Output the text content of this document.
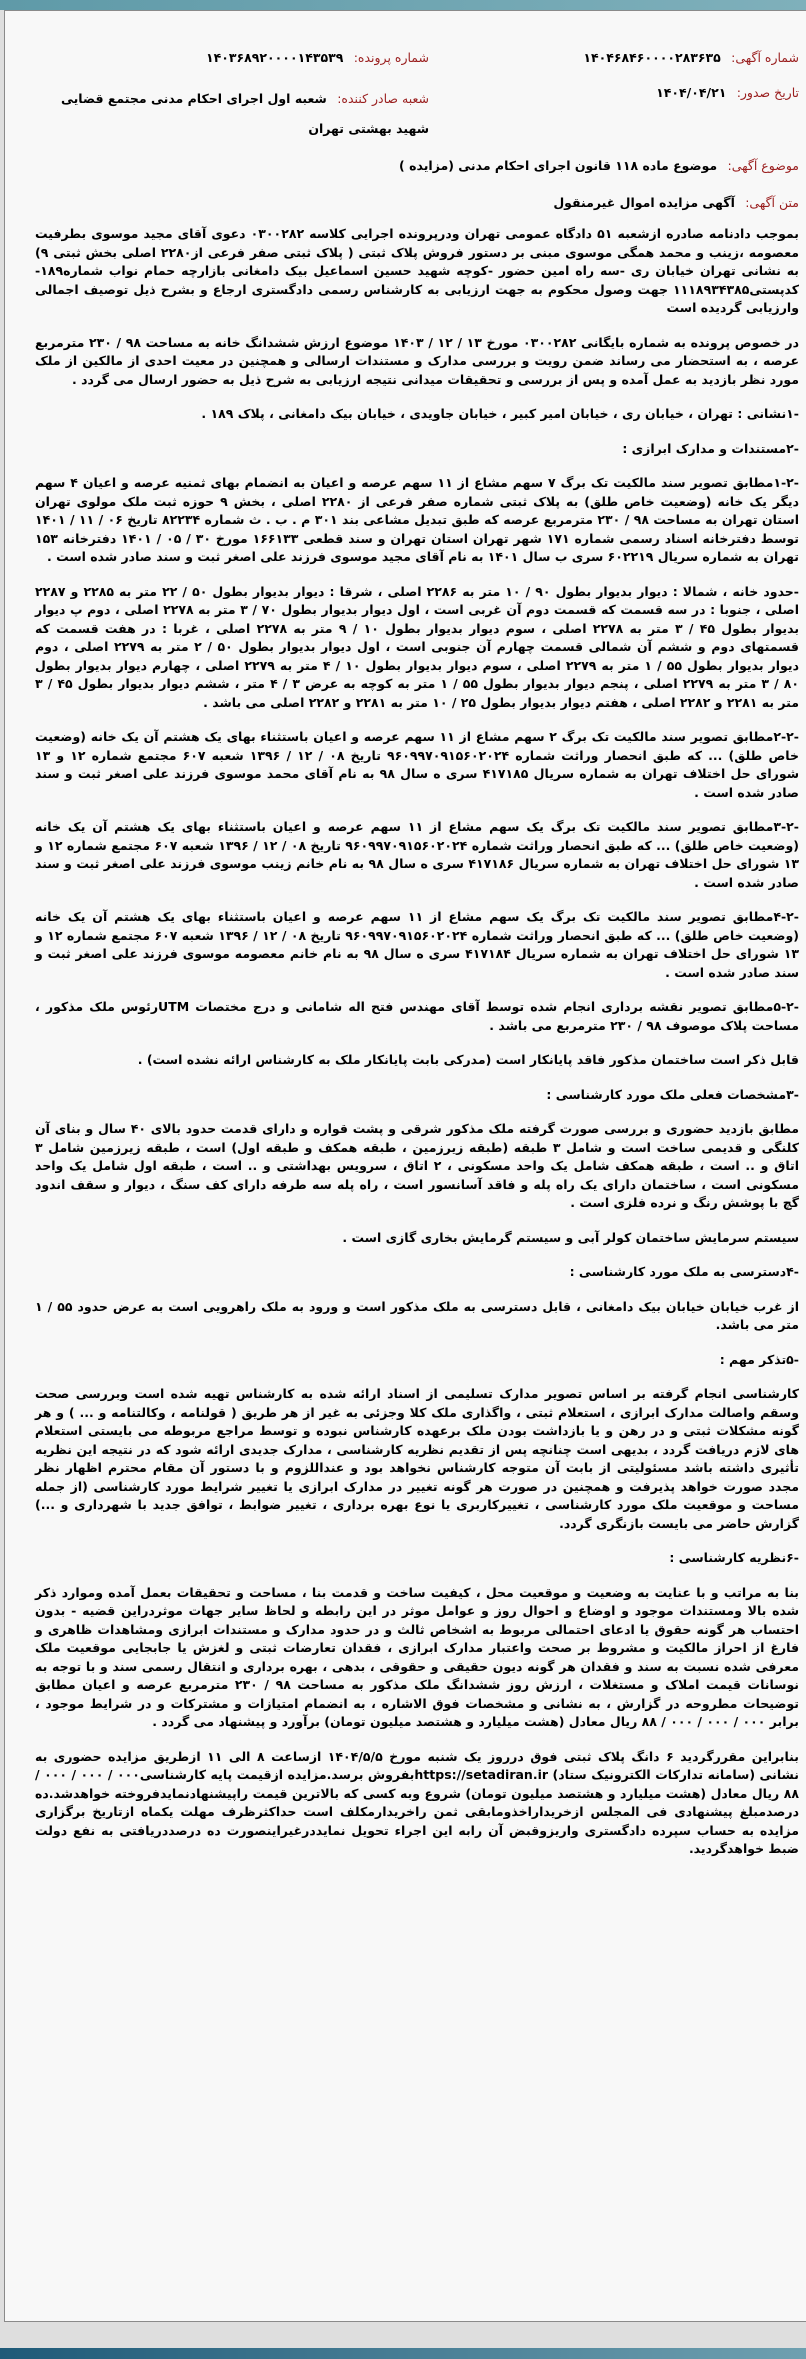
شماره آگهی: ۱۴۰۴۶۸۴۶۰۰۰۰۲۸۳۶۳۵
شماره پرونده: ۱۴۰۳۶۸۹۲۰۰۰۰۱۴۳۵۳۹
تاریخ صدور: ۱۴۰۴/۰۴/۲۱
شعبه صادر کننده: شعبه اول اجرای احکام مدنی مجتمع قضایی شهید بهشتی تهران
موضوع آگهی: موضوع ماده ۱۱۸ قانون اجرای احکام مدنی (مزایده )
متن آگهی: آگهی مزایده اموال غیرمنقول

بموجب دادنامه صادره ازشعبه ۵۱ دادگاه عمومی تهران ودرپرونده اجرایی کلاسه ۰۳۰۰۲۸۲ دعوی آقای مجید موسوی بطرفیت معصومه ،زینب و محمد همگی موسوی مبنی بر دستور فروش پلاک ثبتی ( پلاک ثبتی صفر فرعی از۲۲۸۰ اصلی بخش ثبتی ۹) به نشانی تهران خیابان ری -سه راه امین حضور -کوچه شهید حسین اسماعیل بیک دامغانی بازارچه حمام نواب شماره۱۸۹-کدپستی۱۱۱۸۹۳۴۳۸۵ جهت وصول محکوم به جهت ارزیابی به کارشناس رسمی دادگستری ارجاع و بشرح ذیل توصیف اجمالی وارزیابی گردیده است

در خصوص پرونده به شماره بایگانی ۰۳۰۰۲۸۲ مورخ ۱۳ / ۱۲ / ۱۴۰۳ موضوع ارزش ششدانگ خانه به مساحت ۹۸ / ۲۳۰ مترمربع عرصه ، به استحضار می رساند ضمن رویت و بررسی مدارک و مستندات ارسالی و همچنین در معیت احدی از مالکین از ملک مورد نظر بازدید به عمل آمده و پس از بررسی و تحقیقات میدانی نتیجه ارزیابی به شرح ذیل به حضور ارسال می گردد .

-۱نشانی : تهران ، خیابان ری ، خیابان امیر کبیر ، خیابان جاویدی ، خیابان بیک دامغانی ، پلاک ۱۸۹ .

-۲مستندات و مدارک ابرازی :

-۱-۲مطابق تصویر سند مالکیت تک برگ ۷ سهم مشاع از ۱۱ سهم عرصه و اعیان به انضمام بهای ثمنیه عرصه و اعیان ۴ سهم دیگر یک خانه (وضعیت خاص طلق) به پلاک ثبتی شماره صفر فرعی از ۲۲۸۰ اصلی ، بخش ۹ حوزه ثبت ملک مولوی تهران استان تهران به مساحت ۹۸ / ۲۳۰ مترمربع عرصه که طبق تبدیل مشاعی بند ۳۰۱ م . ب . ث شماره ۸۲۲۳۴ تاریخ ۰۶ / ۱۱ / ۱۴۰۱ توسط دفترخانه اسناد رسمی شماره ۱۷۱ شهر تهران استان تهران و سند قطعی ۱۶۶۱۳۳ مورخ ۳۰ / ۰۵ / ۱۴۰۱ دفترخانه ۱۵۳ تهران به شماره سریال ۶۰۲۲۱۹ سری ب سال ۱۴۰۱ به نام آقای مجید موسوی فرزند علی اصغر ثبت و سند صادر شده است .

-حدود خانه ، شمالا : دیوار بدیوار بطول ۹۰ / ۱۰ متر به ۲۲۸۶ اصلی ، شرقا : دیوار بدیوار بطول ۵۰ / ۲۲ متر به ۲۲۸۵ و ۲۲۸۷ اصلی ، جنوبا : در سه قسمت که قسمت دوم آن غربی است ، اول دیوار بدیوار بطول ۷۰ / ۳ متر به ۲۲۷۸ اصلی ، دوم پ دیوار بدیوار بطول ۴۵ / ۳ متر به ۲۲۷۸ اصلی ، سوم دیوار بدیوار بطول ۱۰ / ۹ متر به ۲۲۷۸ اصلی ، غربا : در هفت قسمت که قسمتهای دوم و ششم آن شمالی قسمت چهارم آن جنوبی است ، اول دیوار بدیوار بطول ۵۰ / ۲ متر به ۲۲۷۹ اصلی ، دوم دیوار بدیوار بطول ۵۵ / ۱ متر به ۲۲۷۹ اصلی ، سوم دیوار بدیوار بطول ۱۰ / ۴ متر به ۲۲۷۹ اصلی ، چهارم دیوار بدیوار بطول ۸۰ / ۳ متر به ۲۲۷۹ اصلی ، پنجم دیوار بدیوار بطول ۵۵ / ۱ متر به کوچه به عرض ۳ / ۴ متر ، ششم دیوار بدیوار بطول ۴۵ / ۳ متر به ۲۲۸۱ و ۲۲۸۲ اصلی ، هفتم دیوار بدیوار بطول ۲۵ / ۱۰ متر به ۲۲۸۱ و ۲۲۸۲ اصلی می باشد .

-۲-۲مطابق تصویر سند مالکیت تک برگ ۲ سهم مشاع از ۱۱ سهم عرصه و اعیان باستثناء بهای یک هشتم آن یک خانه (وضعیت خاص طلق) ... که طبق انحصار وراثت شماره ۹۶۰۹۹۷۰۹۱۵۶۰۲۰۲۴ تاریخ ۰۸ / ۱۲ / ۱۳۹۶ شعبه ۶۰۷ مجتمع شماره ۱۲ و ۱۳ شورای حل اختلاف تهران به شماره سریال ۴۱۷۱۸۵ سری ه سال ۹۸ به نام آقای محمد موسوی فرزند علی اصغر ثبت و سند صادر شده است .

-۳-۲مطابق تصویر سند مالکیت تک برگ یک سهم مشاع از ۱۱ سهم عرصه و اعیان باستثناء بهای یک هشتم آن یک خانه (وضعیت خاص طلق) ... که طبق انحصار وراثت شماره ۹۶۰۹۹۷۰۹۱۵۶۰۲۰۲۴ تاریخ ۰۸ / ۱۲ / ۱۳۹۶ شعبه ۶۰۷ مجتمع شماره ۱۲ و ۱۳ شورای حل اختلاف تهران به شماره سریال ۴۱۷۱۸۶ سری ه سال ۹۸ به نام خانم زینب موسوی فرزند علی اصغر ثبت و سند صادر شده است .

-۴-۲مطابق تصویر سند مالکیت تک برگ یک سهم مشاع از ۱۱ سهم عرصه و اعیان باستثناء بهای یک هشتم آن یک خانه (وضعیت خاص طلق) ... که طبق انحصار وراثت شماره ۹۶۰۹۹۷۰۹۱۵۶۰۲۰۲۴ تاریخ ۰۸ / ۱۲ / ۱۳۹۶ شعبه ۶۰۷ مجتمع شماره ۱۲ و ۱۳ شورای حل اختلاف تهران به شماره سریال ۴۱۷۱۸۴ سری ه سال ۹۸ به نام خانم معصومه موسوی فرزند علی اصغر ثبت و سند صادر شده است .

-۵-۲مطابق تصویر نقشه برداری انجام شده توسط آقای مهندس فتح اله شامانی و درج مختصات UTMرئوس ملک مذکور ، مساحت پلاک موصوف ۹۸ / ۲۳۰ مترمربع می باشد .

قابل ذکر است ساختمان مذکور فاقد پایانکار است (مدرکی بابت پایانکار ملک به کارشناس ارائه نشده است) .

-۳مشخصات فعلی ملک مورد کارشناسی :

مطابق بازدید حضوری و بررسی صورت گرفته ملک مذکور شرقی و پشت قواره و دارای قدمت حدود بالای ۴۰ سال و بنای آن کلنگی و قدیمی ساخت است و شامل ۳ طبقه (طبقه زیرزمین ، طبقه همکف و طبقه اول) است ، طبقه زیرزمین شامل ۳ اتاق و .. است ، طبقه همکف شامل یک واحد مسکونی ، ۲ اتاق ، سرویس بهداشتی و .. است ، طبقه اول شامل یک واحد مسکونی است ، ساختمان دارای یک راه پله و فاقد آسانسور است ، راه پله سه طرفه دارای کف سنگ ، دیوار و سقف اندود گچ با پوشش رنگ و نرده فلزی است .

سیستم سرمایش ساختمان کولر آبی و سیستم گرمایش بخاری گازی است .

-۴دسترسی به ملک مورد کارشناسی :

از غرب خیابان خیابان بیک دامغانی ، قابل دسترسی به ملک مذکور است و ورود به ملک راهرویی است به عرض حدود ۵۵ / ۱ متر می باشد.

-۵تذکر مهم :

کارشناسی انجام گرفته بر اساس تصویر مدارک تسلیمی از اسناد ارائه شده به کارشناس تهیه شده است وبررسی صحت وسقم واصالت مدارک ابرازی ، استعلام ثبتی ، واگذاری ملک کلا وجزئی به غیر از هر طریق ( قولنامه ، وکالتنامه و ... ) و هر گونه مشکلات ثبتی و در رهن و یا بازداشت بودن ملک برعهده کارشناس نبوده و توسط مراجع مربوطه می بایستی استعلام های لازم دریافت گردد ، بدیهی است چنانچه پس از تقدیم نظریه کارشناسی ، مدارک جدیدی ارائه شود که در نتیجه این نظریه تأثیری داشته باشد مسئولیتی از بابت آن متوجه کارشناس نخواهد بود و عنداللزوم و با دستور آن مقام محترم اظهار نظر مجدد صورت خواهد پذیرفت و همچنین در صورت هر گونه تغییر در مدارک ابرازی یا تغییر شرایط مورد کارشناسی (از جمله مساحت و موقعیت ملک مورد کارشناسی ، تغییرکاربری یا نوع بهره برداری ، تغییر ضوابط ، توافق جدید با شهرداری و ...) گزارش حاضر می بایست بازنگری گردد.

-۶نظریه کارشناسی :

بنا به مراتب و با عنایت به وضعیت و موقعیت محل ، کیفیت ساخت و قدمت بنا ، مساحت و تحقیقات بعمل آمده وموارد ذکر شده بالا ومستندات موجود و اوضاع و احوال روز و عوامل موثر در این رابطه و لحاظ سایر جهات موثردراین قضیه - بدون احتساب هر گونه حقوق یا ادعای احتمالی مربوط به اشخاص ثالث و در حدود مدارک و مستندات ابرازی ومشاهدات ظاهری و فارغ از احراز مالکیت و مشروط بر صحت واعتبار مدارک ابرازی ، فقدان تعارضات ثبتی و لغزش یا جابجایی موقعیت ملک معرفی شده نسبت به سند و فقدان هر گونه دیون حقیقی و حقوقی ، بدهی ، بهره برداری و انتقال رسمی سند و با توجه به نوسانات قیمت املاک و مستغلات ، ارزش روز ششدانگ ملک مذکور به مساحت ۹۸ / ۲۳۰ مترمربع عرصه و اعیان مطابق توضیحات مطروحه در گزارش ، به نشانی و مشخصات فوق الاشاره ، به انضمام امتیازات و مشترکات و در شرایط موجود ، برابر ۰۰۰ / ۰۰۰ / ۰۰۰ / ۸۸ ریال معادل (هشت میلیارد و هشتصد میلیون تومان) برآورد و پیشنهاد می گردد .

بنابراین مقررگردید ۶ دانگ پلاک ثبتی فوق درروز یک شنبه مورخ ۱۴۰۴/۵/۵ ازساعت ۸ الی ۱۱ ازطریق مزایده حضوری به نشانی (سامانه تدارکات الکترونیک ستاد) https://setadiran.irبفروش برسد.مزایده ازقیمت پایه کارشناسی۰۰۰ / ۰۰۰ / ۰۰۰ / ۸۸ ریال معادل (هشت میلیارد و هشتصد میلیون تومان) شروع وبه کسی که بالاترین قیمت راپیشنهادنمایدفروخته خواهدشد.ده درصدمبلغ پیشنهادی فی المجلس ازخریداراخذومابقی ثمن راخریدارمکلف است حداکثرظرف مهلت یکماه ازتاریخ برگزاری مزایده به حساب سپرده دادگستری واریزوقبض آن رابه این اجراء تحویل نمایددرغیراینصورت ده درصددریافتی به نفع دولت ضبط خواهدگردید.
